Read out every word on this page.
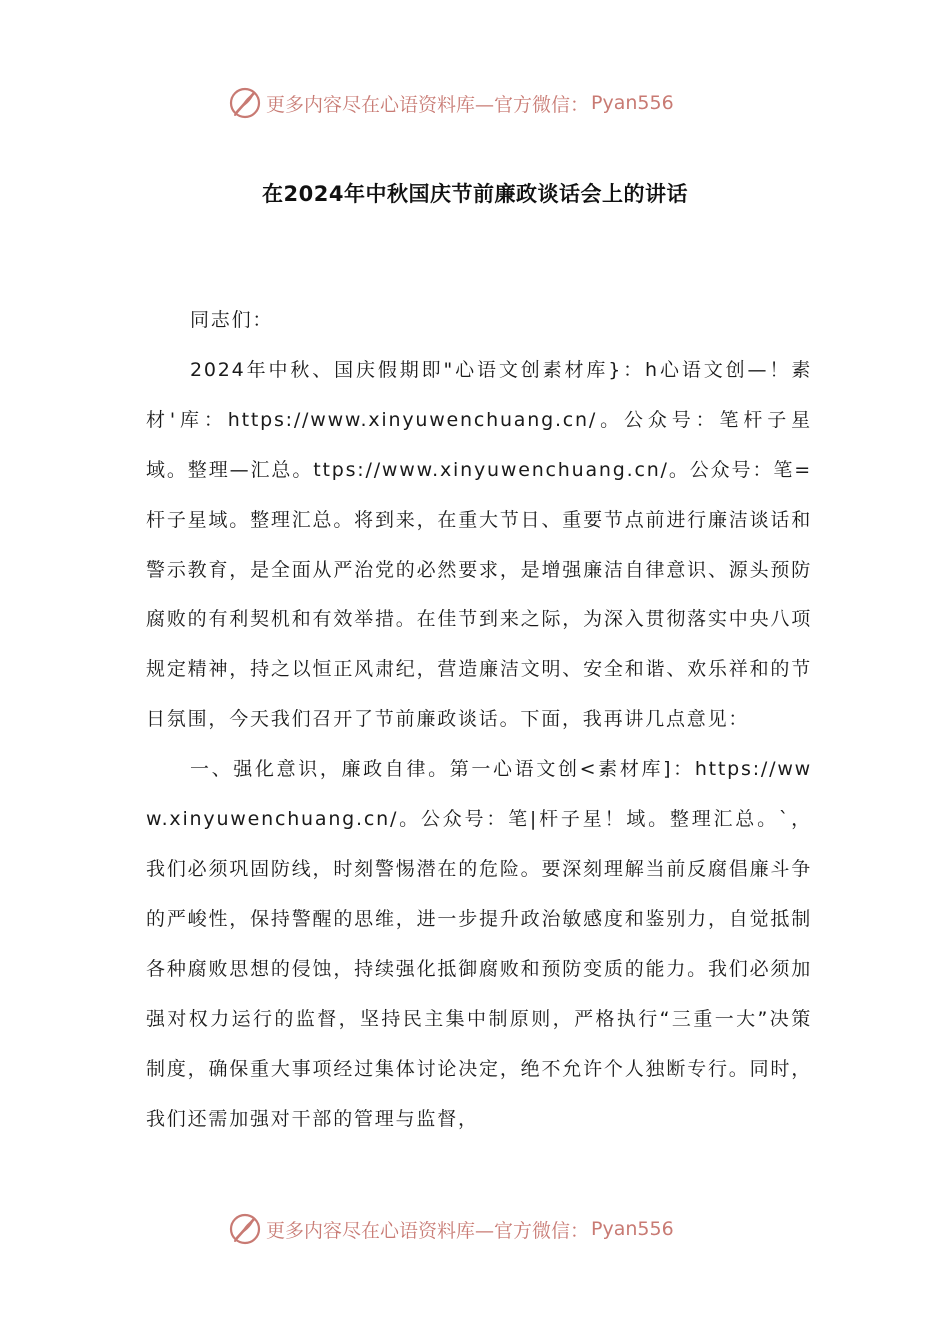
更多内容尽在心语资料库—官方微信： Pyan556
在2024年中秋国庆节前廉政谈话会上的讲话

同志们：

2024年中秋、国庆假期即"心语文创素材库}：h心语文创—！素材'库：https://www.xinyuwenchuang.cn/。公众号：笔杆子星域。整理—汇总。ttps://www.xinyuwenchuang.cn/。公众号：笔=杆子星域。整理汇总。将到来，在重大节日、重要节点前进行廉洁谈话和警示教育，是全面从严治党的必然要求，是增强廉洁自律意识、源头预防腐败的有利契机和有效举措。在佳节到来之际，为深入贯彻落实中央八项规定精神，持之以恒正风肃纪，营造廉洁文明、安全和谐、欢乐祥和的节日氛围，今天我们召开了节前廉政谈话。下面，我再讲几点意见：

一、强化意识，廉政自律。第一心语文创<素材库]：https://www.xinyuwenchuang.cn/。公众号：笔|杆子星！域。整理汇总。`，我们必须巩固防线，时刻警惕潜在的危险。要深刻理解当前反腐倡廉斗争的严峻性，保持警醒的思维，进一步提升政治敏感度和鉴别力，自觉抵制各种腐败思想的侵蚀，持续强化抵御腐败和预防变质的能力。我们必须加强对权力运行的监督，坚持民主集中制原则，严格执行“三重一大”决策制度，确保重大事项经过集体讨论决定，绝不允许个人独断专行。同时，我们还需加强对干部的管理与监督，

更多内容尽在心语资料库—官方微信： Pyan556
